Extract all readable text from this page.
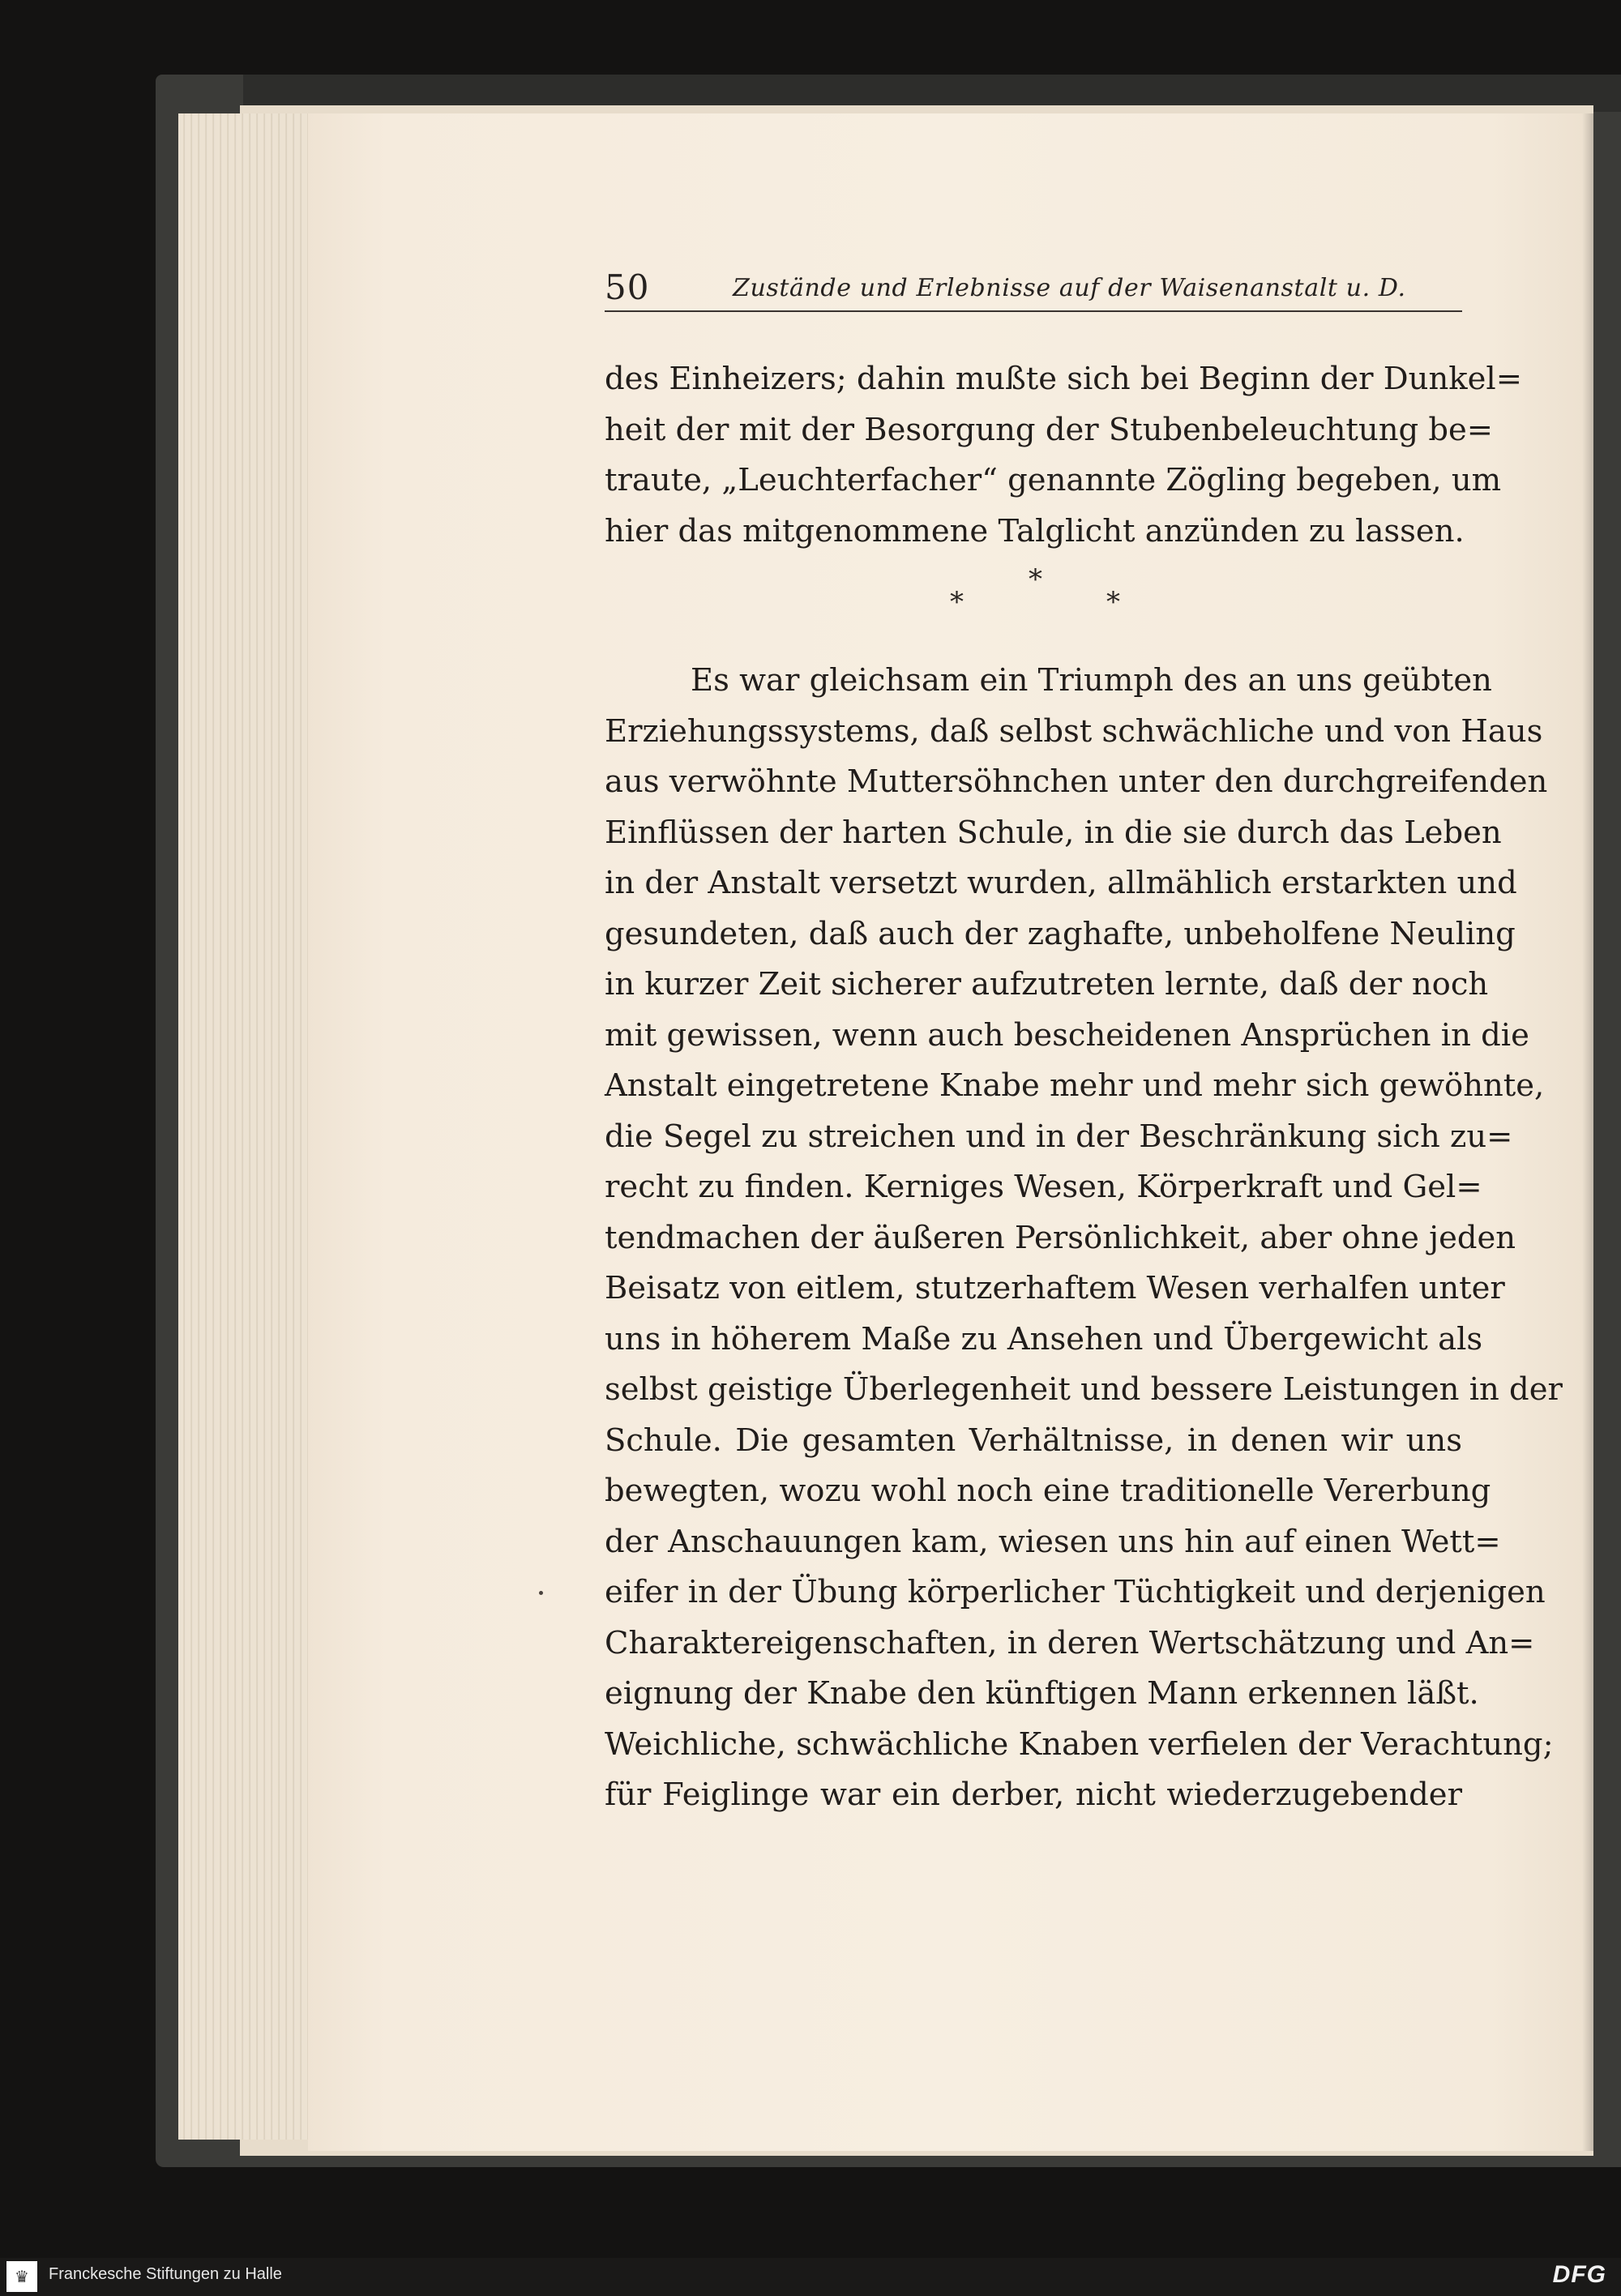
50	Zustände und Erlebnisse auf der Waisenanstalt u. D.
des Einheizers; dahin mußte sich bei Beginn der Dunkel=
heit der mit der Besorgung der Stubenbeleuchtung be=
traute, „Leuchterfacher“ genannte Zögling begeben, um
hier das mitgenommene Talglicht anzünden zu lassen.
*
*	*
Es war gleichsam ein Triumph des an uns geübten
Erziehungssystems, daß selbst schwächliche und von Haus
aus verwöhnte Muttersöhnchen unter den durchgreifenden
Einflüssen der harten Schule, in die sie durch das Leben
in der Anstalt versetzt wurden, allmählich erstarkten und
gesundeten, daß auch der zaghafte, unbeholfene Neuling
in kurzer Zeit sicherer aufzutreten lernte, daß der noch
mit gewissen, wenn auch bescheidenen Ansprüchen in die
Anstalt eingetretene Knabe mehr und mehr sich gewöhnte,
die Segel zu streichen und in der Beschränkung sich zu=
recht zu finden. Kerniges Wesen, Körperkraft und Gel=
tendmachen der äußeren Persönlichkeit, aber ohne jeden
Beisatz von eitlem, stutzerhaftem Wesen verhalfen unter
uns in höherem Maße zu Ansehen und Übergewicht als
selbst geistige Überlegenheit und bessere Leistungen in der
Schule. Die gesamten Verhältnisse, in denen wir uns
bewegten, wozu wohl noch eine traditionelle Vererbung
der Anschauungen kam, wiesen uns hin auf einen Wett=
eifer in der Übung körperlicher Tüchtigkeit und derjenigen
Charaktereigenschaften, in deren Wertschätzung und An=
eignung der Knabe den künftigen Mann erkennen läßt.
Weichliche, schwächliche Knaben verfielen der Verachtung;
für Feiglinge war ein derber, nicht wiederzugebender
♛	Franckesche Stiftungen zu Halle	DFG
